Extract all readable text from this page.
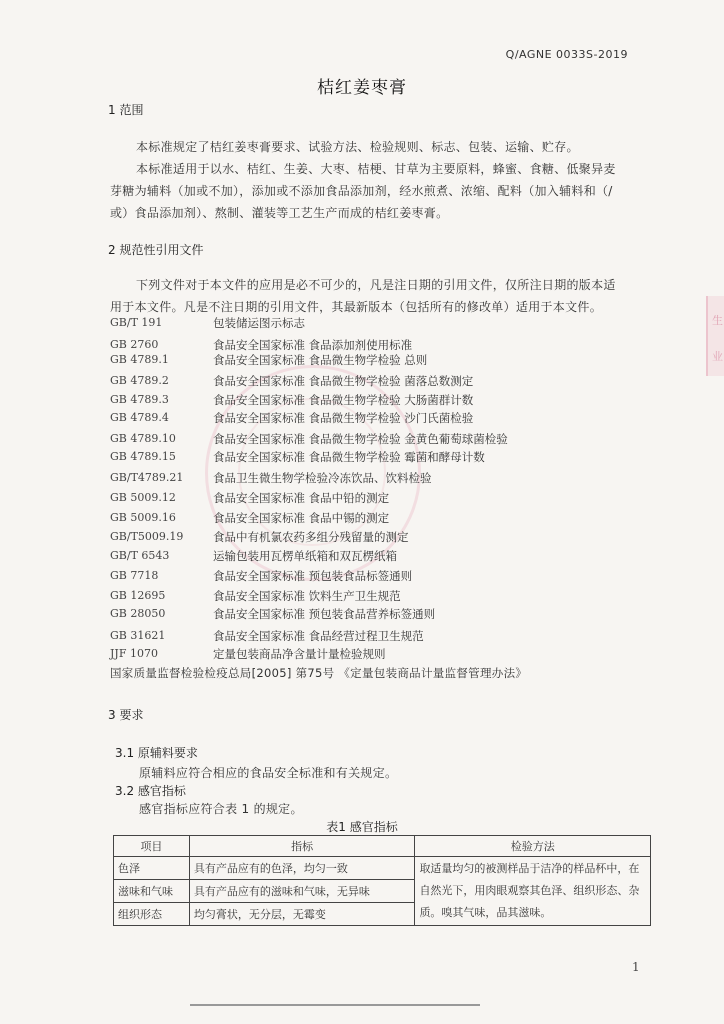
Q/AGNE 0033S-2019
桔红姜枣膏
生
业
1 范围
本标准规定了桔红姜枣膏要求、试验方法、检验规则、标志、包装、运输、贮存。
本标准适用于以水、桔红、生姜、大枣、桔梗、甘草为主要原料，蜂蜜、食糖、低聚异麦
芽糖为辅料（加或不加），添加或不添加食品添加剂，经水煎煮、浓缩、配料（加入辅料和（/
或）食品添加剂）、熬制、灌装等工艺生产而成的桔红姜枣膏。
2 规范性引用文件
下列文件对于本文件的应用是必不可少的，凡是注日期的引用文件，仅所注日期的版本适
用于本文件。凡是不注日期的引用文件，其最新版本（包括所有的修改单）适用于本文件。
GB/T 191	包装储运图示标志
GB 2760	食品安全国家标准 食品添加剂使用标准
GB 4789.1	食品安全国家标准 食品微生物学检验 总则
GB 4789.2	食品安全国家标准 食品微生物学检验 菌落总数测定
GB 4789.3	食品安全国家标准 食品微生物学检验 大肠菌群计数
GB 4789.4	食品安全国家标准 食品微生物学检验 沙门氏菌检验
GB 4789.10	食品安全国家标准 食品微生物学检验 金黄色葡萄球菌检验
GB 4789.15	食品安全国家标准 食品微生物学检验 霉菌和酵母计数
GB/T4789.21	食品卫生微生物学检验冷冻饮品、饮料检验
GB 5009.12	食品安全国家标准 食品中铅的测定
GB 5009.16	食品安全国家标准 食品中锡的测定
GB/T5009.19	食品中有机氯农药多组分残留量的测定
GB/T 6543	运输包装用瓦楞单纸箱和双瓦楞纸箱
GB 7718	食品安全国家标准 预包装食品标签通则
GB 12695	食品安全国家标准 饮料生产卫生规范
GB 28050	食品安全国家标准 预包装食品营养标签通则
GB 31621	食品安全国家标准 食品经营过程卫生规范
JJF 1070	定量包装商品净含量计量检验规则
国家质量监督检验检疫总局[2005] 第75号 《定量包装商品计量监督管理办法》
3 要求
3.1 原辅料要求
原辅料应符合相应的食品安全标准和有关规定。
3.2 感官指标
感官指标应符合表 1 的规定。
表1 感官指标
项目	指标	检验方法
色泽	具有产品应有的色泽，均匀一致	取适量均匀的被测样品于洁净的样品杯中，在自然光下，用肉眼观察其色泽、组织形态、杂质。嗅其气味，品其滋味。
滋味和气味	具有产品应有的滋味和气味，无异味	
组织形态	均匀膏状，无分层，无霉变	
1
